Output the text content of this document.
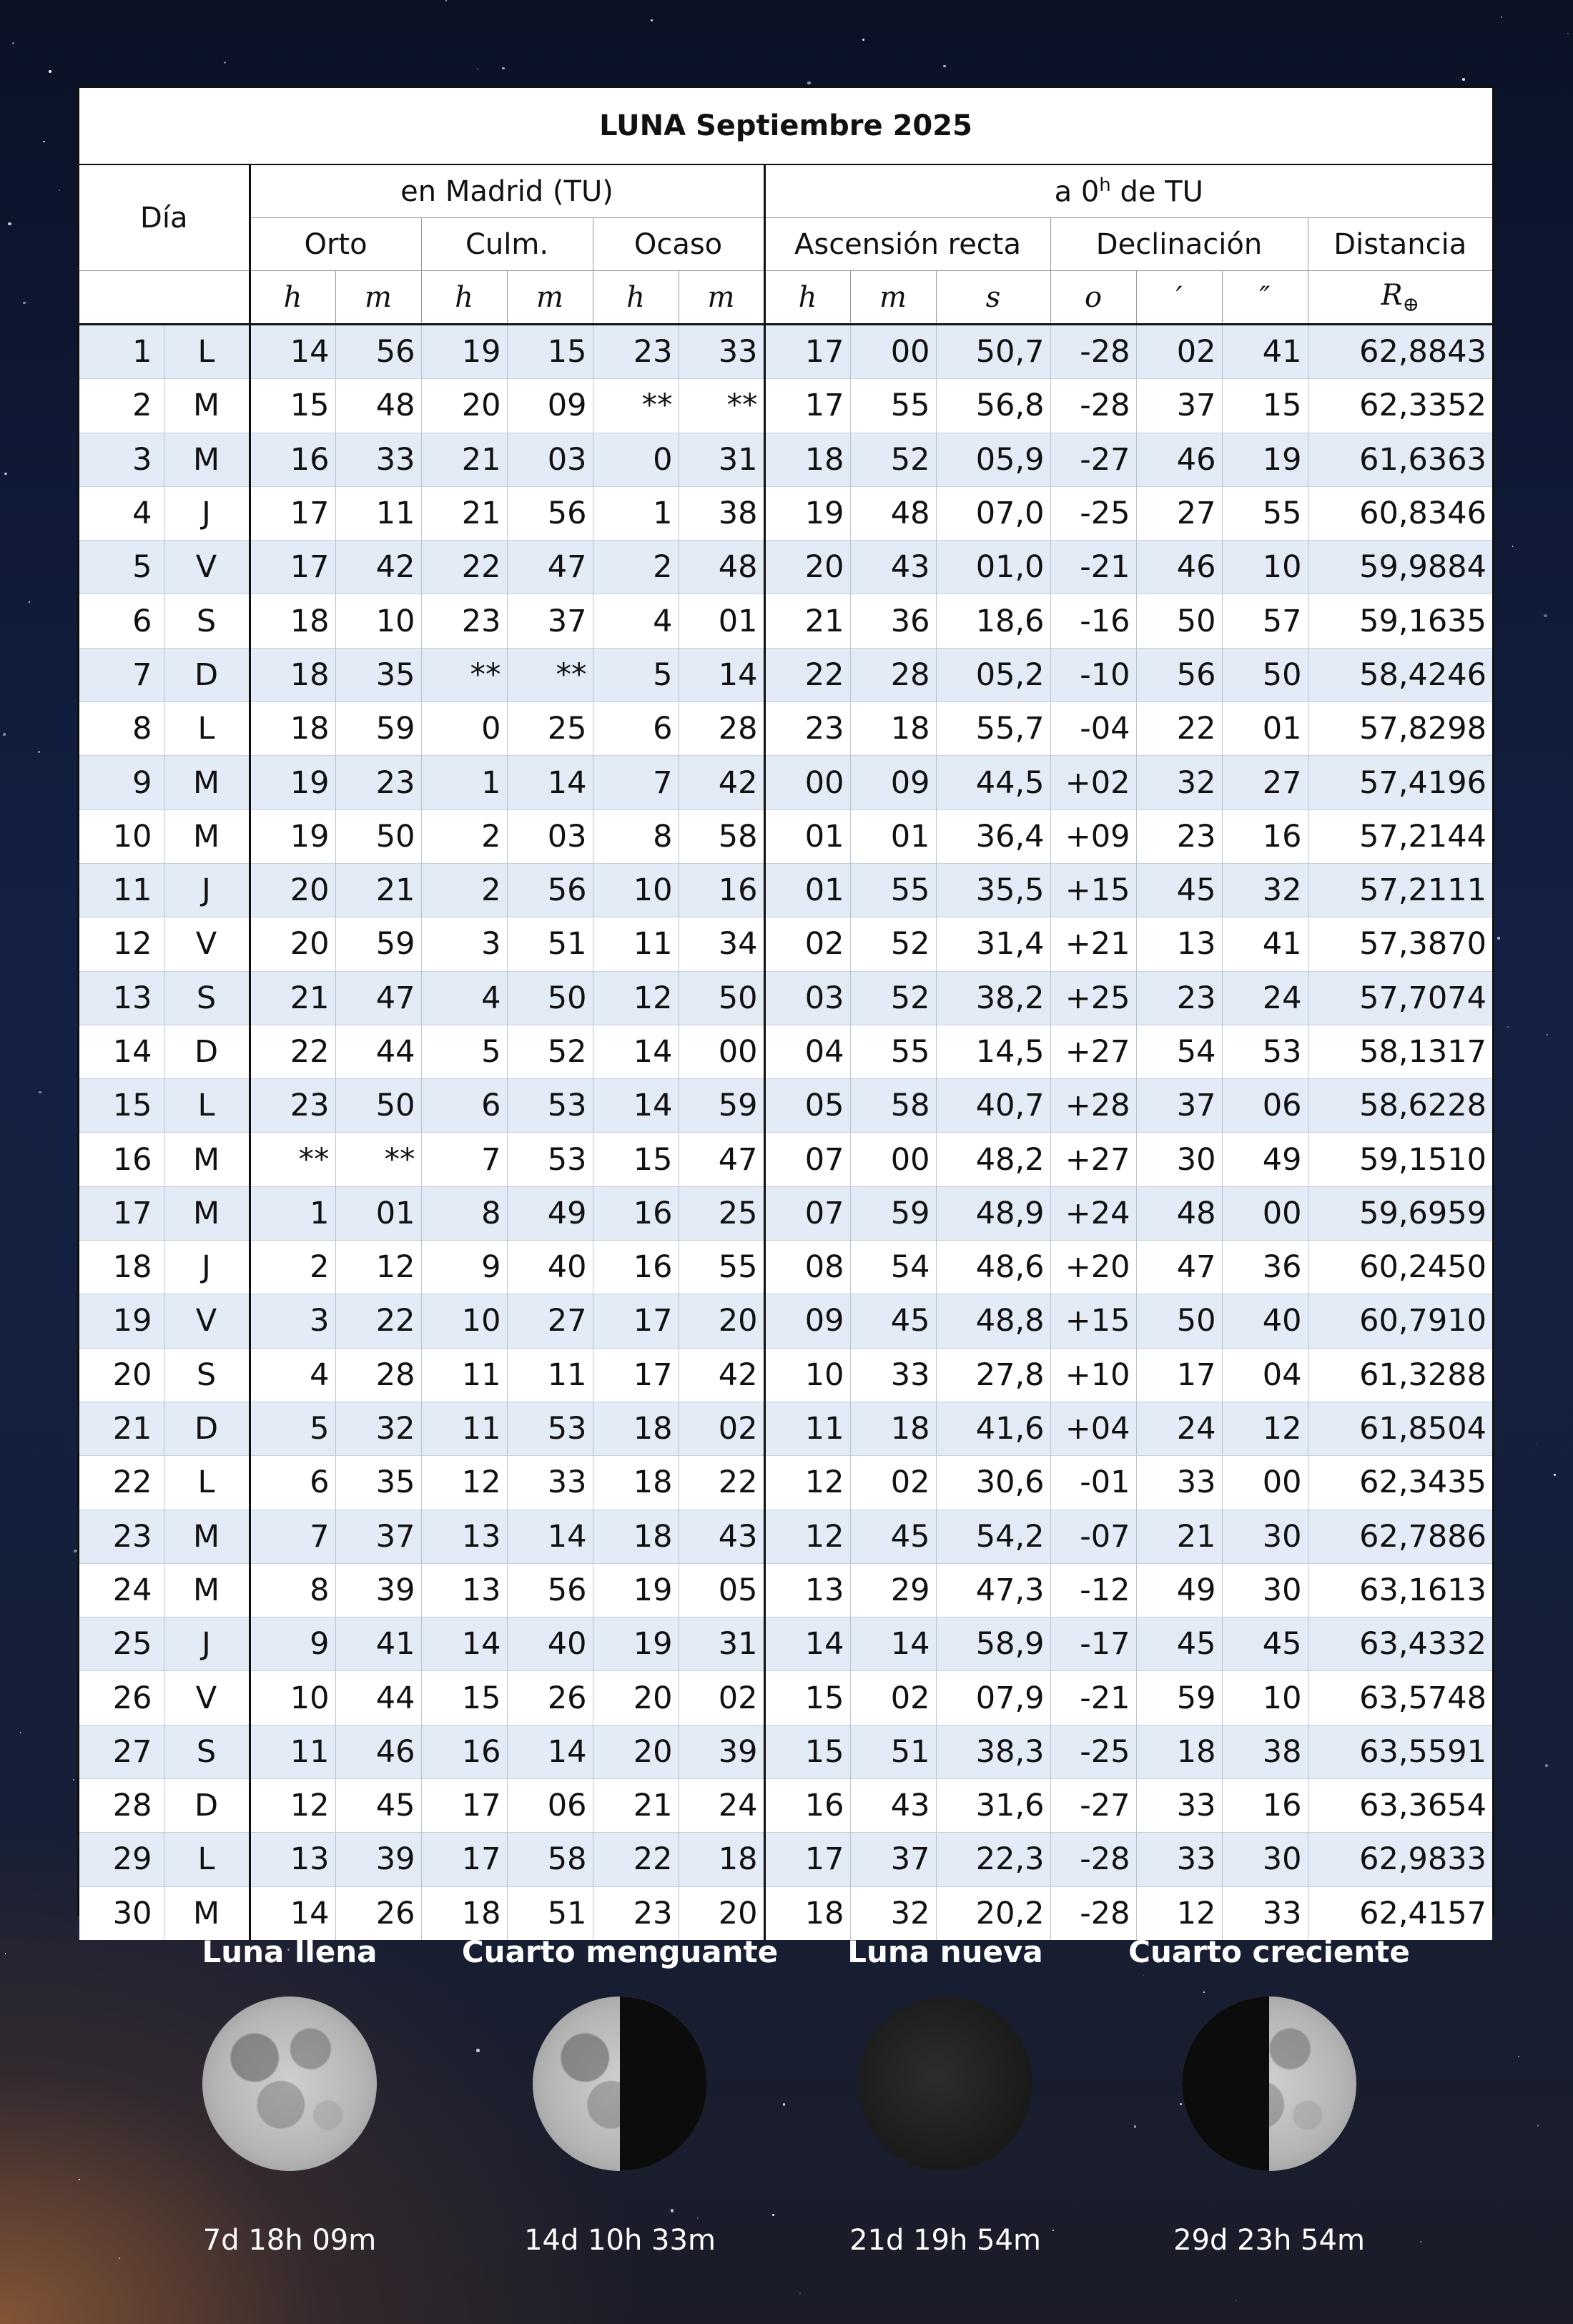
LUNA Septiembre 2025														
Día		en Madrid (TU)						a 0$^h$ de TU						
		Orto		Culm.		Ocaso		Ascensión recta			Declinación			Distancia
		h	m	h	m	h	m	h	m	s	o	′	″	$R_\oplus$
1	L	14	56	19	15	23	33	17	00	50,7	-28	02	41	62,8843
2	M	15	48	20	09	**	**	17	55	56,8	-28	37	15	62,3352
3	M	16	33	21	03	0	31	18	52	05,9	-27	46	19	61,6363
4	J	17	11	21	56	1	38	19	48	07,0	-25	27	55	60,8346
5	V	17	42	22	47	2	48	20	43	01,0	-21	46	10	59,9884
6	S	18	10	23	37	4	01	21	36	18,6	-16	50	57	59,1635
7	D	18	35	**	**	5	14	22	28	05,2	-10	56	50	58,4246
8	L	18	59	0	25	6	28	23	18	55,7	-04	22	01	57,8298
9	M	19	23	1	14	7	42	00	09	44,5	+02	32	27	57,4196
10	M	19	50	2	03	8	58	01	01	36,4	+09	23	16	57,2144
11	J	20	21	2	56	10	16	01	55	35,5	+15	45	32	57,2111
12	V	20	59	3	51	11	34	02	52	31,4	+21	13	41	57,3870
13	S	21	47	4	50	12	50	03	52	38,2	+25	23	24	57,7074
14	D	22	44	5	52	14	00	04	55	14,5	+27	54	53	58,1317
15	L	23	50	6	53	14	59	05	58	40,7	+28	37	06	58,6228
16	M	**	**	7	53	15	47	07	00	48,2	+27	30	49	59,1510
17	M	1	01	8	49	16	25	07	59	48,9	+24	48	00	59,6959
18	J	2	12	9	40	16	55	08	54	48,6	+20	47	36	60,2450
19	V	3	22	10	27	17	20	09	45	48,8	+15	50	40	60,7910
20	S	4	28	11	11	17	42	10	33	27,8	+10	17	04	61,3288
21	D	5	32	11	53	18	02	11	18	41,6	+04	24	12	61,8504
22	L	6	35	12	33	18	22	12	02	30,6	-01	33	00	62,3435
23	M	7	37	13	14	18	43	12	45	54,2	-07	21	30	62,7886
24	M	8	39	13	56	19	05	13	29	47,3	-12	49	30	63,1613
25	J	9	41	14	40	19	31	14	14	58,9	-17	45	45	63,4332
26	V	10	44	15	26	20	02	15	02	07,9	-21	59	10	63,5748
27	S	11	46	16	14	20	39	15	51	38,3	-25	18	38	63,5591
28	D	12	45	17	06	21	24	16	43	31,6	-27	33	16	63,3654
29	L	13	39	17	58	22	18	17	37	22,3	-28	33	30	62,9833
30	M	14	26	18	51	23	20	18	32	20,2	-28	12	33	62,4157
Luna llena
7d 18h 09m
Cuarto menguante
14d 10h 33m
Luna nueva
21d 19h 54m
Cuarto creciente
29d 23h 54m
